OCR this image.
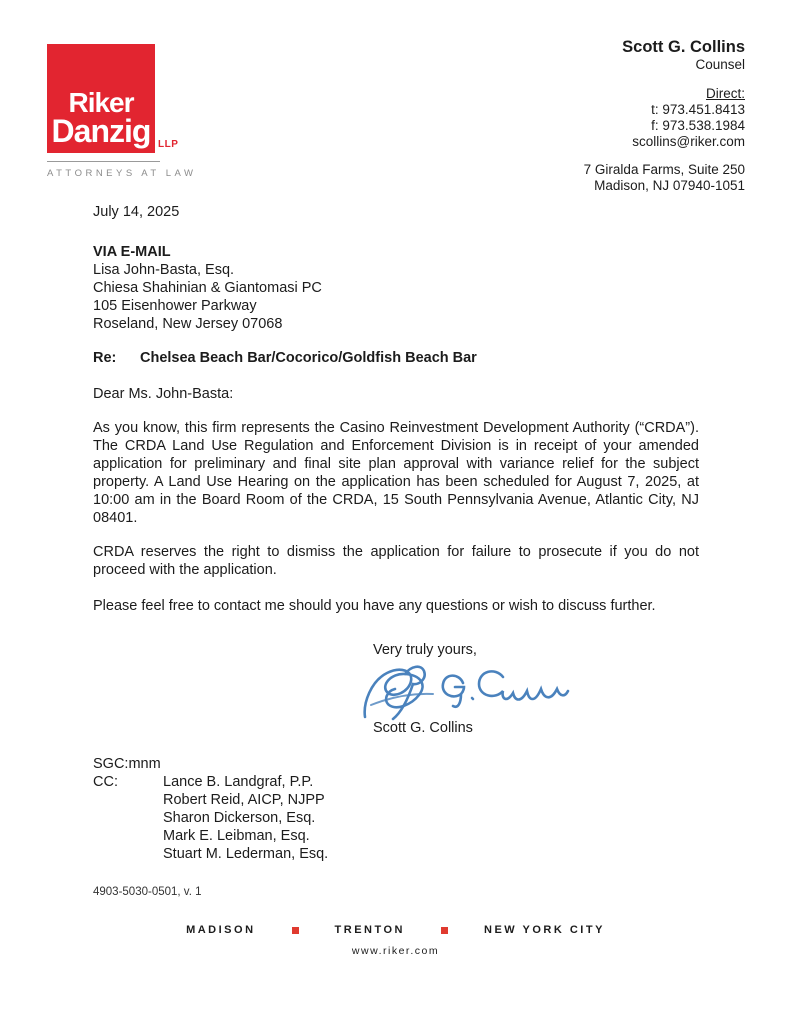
Riker
Danzig LLP
ATTORNEYS AT LAW
Scott G. Collins
Counsel
Direct:
t: 973.451.8413
f: 973.538.1984
scollins@riker.com
7 Giralda Farms, Suite 250
Madison, NJ 07940-1051
July 14, 2025
VIA E-MAIL
Lisa John-Basta, Esq.
Chiesa Shahinian & Giantomasi PC
105 Eisenhower Parkway
Roseland, New Jersey 07068
Re:	Chelsea Beach Bar/Cocorico/Goldfish Beach Bar
Dear Ms. John-Basta:

As you know, this firm represents the Casino Reinvestment Development Authority (“CRDA”). The CRDA Land Use Regulation and Enforcement Division is in receipt of your amended application for preliminary and final site plan approval with variance relief for the subject property. A Land Use Hearing on the application has been scheduled for August 7, 2025, at 10:00 am in the Board Room of the CRDA, 15 South Pennsylvania Avenue, Atlantic City, NJ 08401.

CRDA reserves the right to dismiss the application for failure to prosecute if you do not proceed with the application.

Please feel free to contact me should you have any questions or wish to discuss further.

Very truly yours,
Scott G. Collins
SGC:mnm
CC:	Lance B. Landgraf, P.P.
Robert Reid, AICP, NJPP
Sharon Dickerson, Esq.
Mark E. Leibman, Esq.
Stuart M. Lederman, Esq.
4903-5030-0501, v. 1
MADISON	TRENTON	NEW YORK CITY
www.riker.com
